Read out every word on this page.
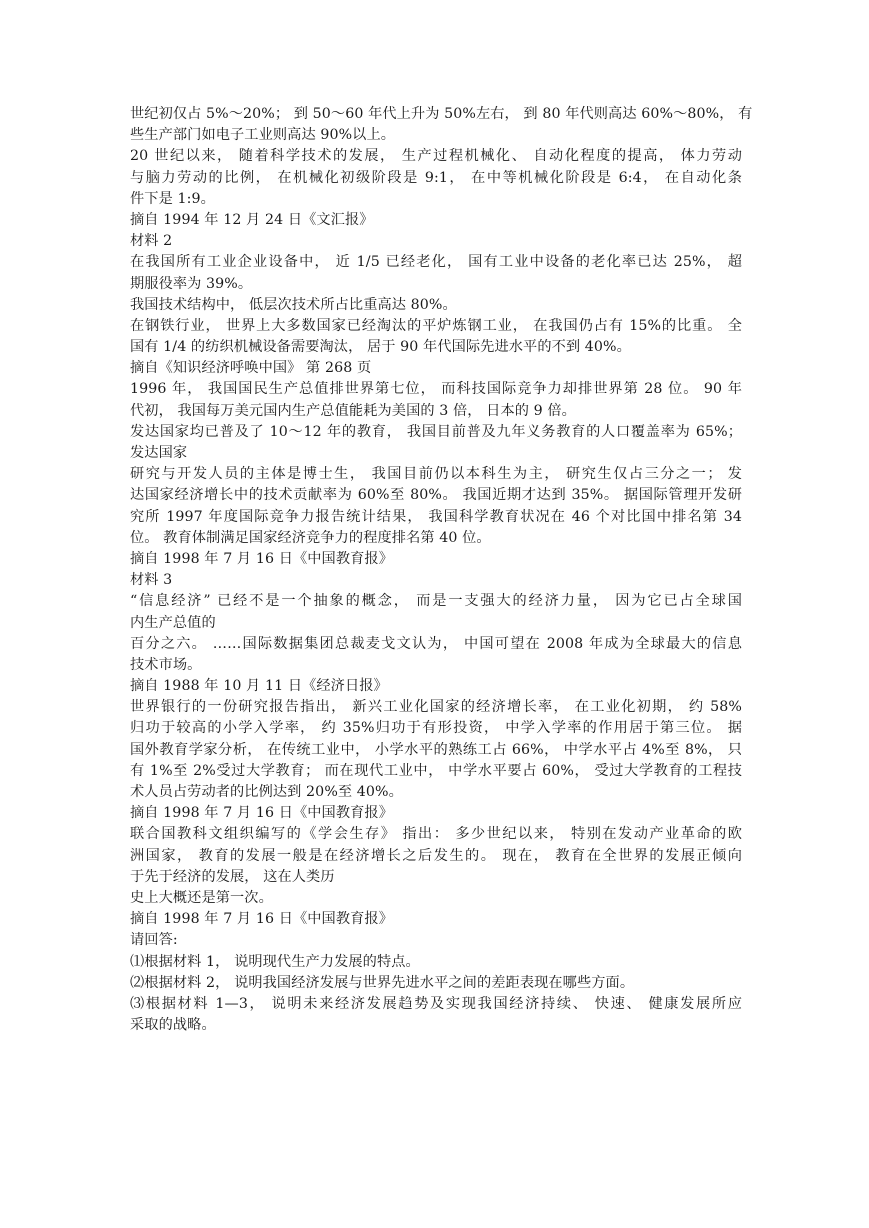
世纪初仅占 5%～20%； 到 50～60 年代上升为 50%左右， 到 80 年代则高达 60%～80%， 有
些生产部门如电子工业则高达 90%以上。
20 世纪以来， 随着科学技术的发展， 生产过程机械化、 自动化程度的提高， 体力劳动
与脑力劳动的比例， 在机械化初级阶段是 9:1， 在中等机械化阶段是 6:4， 在自动化条
件下是 1:9。
摘自 1994 年 12 月 24 日《文汇报》
材料 2
在我国所有工业企业设备中， 近 1/5 已经老化， 国有工业中设备的老化率已达 25%， 超
期服役率为 39%。
我国技术结构中， 低层次技术所占比重高达 80%。
在钢铁行业， 世界上大多数国家已经淘汰的平炉炼钢工业， 在我国仍占有 15%的比重。 全
国有 1/4 的纺织机械设备需要淘汰， 居于 90 年代国际先进水平的不到 40%。
摘自《知识经济呼唤中国》 第 268 页
1996 年， 我国国民生产总值排世界第七位， 而科技国际竞争力却排世界第 28 位。 90 年
代初， 我国每万美元国内生产总值能耗为美国的 3 倍， 日本的 9 倍。
发达国家均已普及了 10～12 年的教育， 我国目前普及九年义务教育的人口覆盖率为 65%；
发达国家
研究与开发人员的主体是博士生， 我国目前仍以本科生为主， 研究生仅占三分之一； 发
达国家经济增长中的技术贡献率为 60%至 80%。 我国近期才达到 35%。 据国际管理开发研
究所 1997 年度国际竞争力报告统计结果， 我国科学教育状况在 46 个对比国中排名第 34
位。 教育体制满足国家经济竞争力的程度排名第 40 位。
摘自 1998 年 7 月 16 日《中国教育报》
材料 3
“信息经济” 已经不是一个抽象的概念， 而是一支强大的经济力量， 因为它已占全球国
内生产总值的
百分之六。 ……国际数据集团总裁麦戈文认为， 中国可望在 2008 年成为全球最大的信息
技术市场。
摘自 1988 年 10 月 11 日《经济日报》
世界银行的一份研究报告指出， 新兴工业化国家的经济增长率， 在工业化初期， 约 58%
归功于较高的小学入学率， 约 35%归功于有形投资， 中学入学率的作用居于第三位。 据
国外教育学家分析， 在传统工业中， 小学水平的熟练工占 66%， 中学水平占 4%至 8%， 只
有 1%至 2%受过大学教育； 而在现代工业中， 中学水平要占 60%， 受过大学教育的工程技
术人员占劳动者的比例达到 20%至 40%。
摘自 1998 年 7 月 16 日《中国教育报》
联合国教科文组织编写的《学会生存》 指出： 多少世纪以来， 特别在发动产业革命的欧
洲国家， 教育的发展一般是在经济增长之后发生的。 现在， 教育在全世界的发展正倾向
于先于经济的发展， 这在人类历
史上大概还是第一次。
摘自 1998 年 7 月 16 日《中国教育报》
请回答:
⑴根据材料 1， 说明现代生产力发展的特点。
⑵根据材料 2， 说明我国经济发展与世界先进水平之间的差距表现在哪些方面。
⑶根据材料 1—3， 说明未来经济发展趋势及实现我国经济持续、 快速、 健康发展所应
采取的战略。
